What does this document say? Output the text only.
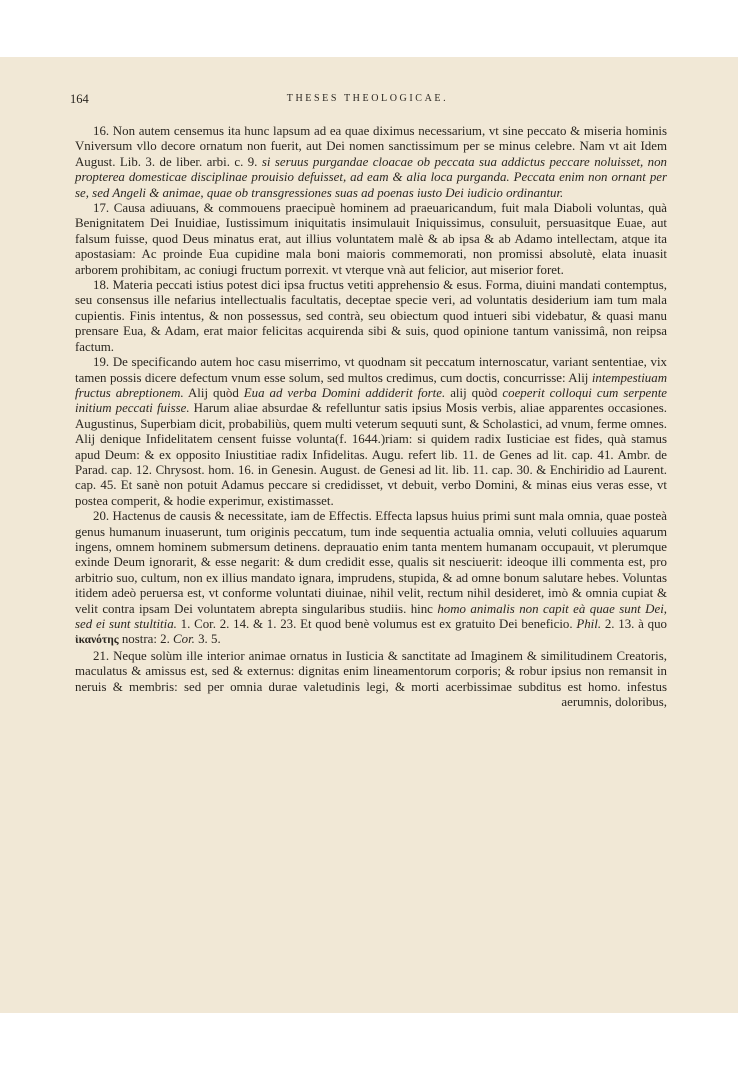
164	THESES THEOLOGICAE.

16. Non autem censemus ita hunc lapsum ad ea quae diximus necessarium, vt sine peccato & miseria hominis Vniversum vllo decore ornatum non fuerit, aut Dei nomen sanctissimum per se minus celebre. Nam vt ait Idem August. Lib. 3. de liber. arbi. c. 9. si seruus purgandae cloacae ob peccata sua addictus peccare noluisset, non propterea domesticae disciplinae prouisio defuisset, ad eam & alia loca purganda. Peccata enim non ornant per se, sed Angeli & animae, quae ob transgressiones suas ad poenas iusto Dei iudicio ordinantur.

17. Causa adiuuans, & commouens praecipuè hominem ad praeuaricandum, fuit mala Diaboli voluntas, quà Benignitatem Dei Inuidiae, Iustissimum iniquitatis insimulauit Iniquissimus, consuluit, persuasitque Euae, aut falsum fuisse, quod Deus minatus erat, aut illius voluntatem malè & ab ipsa & ab Adamo intellectam, atque ita apostasiam: Ac proinde Eua cupidine mala boni maioris commemorati, non promissi absolutè, elata inuasit arborem prohibitam, ac coniugi fructum porrexit. vt vterque vnà aut felicior, aut miserior foret.

18. Materia peccati istius potest dici ipsa fructus vetiti apprehensio & esus. Forma, diuini mandati contemptus, seu consensus ille nefarius intellectualis facultatis, deceptae specie veri, ad voluntatis desiderium iam tum mala cupientis. Finis intentus, & non possessus, sed contrà, seu obiectum quod intueri sibi videbatur, & quasi manu prensare Eua, & Adam, erat maior felicitas acquirenda sibi & suis, quod opinione tantum vanissimâ, non reipsa factum.

19. De specificando autem hoc casu miserrimo, vt quodnam sit peccatum internoscatur, variant sententiae, vix tamen possis dicere defectum vnum esse solum, sed multos credimus, cum doctis, concurrisse: Alij intempestiuam fructus abreptionem. Alij quòd Eua ad verba Domini addiderit forte. alij quòd coeperit colloqui cum serpente initium peccati fuisse. Harum aliae absurdae & refelluntur satis ipsius Mosis verbis, aliae apparentes occasiones. Augustinus, Superbiam dicit, probabiliùs, quem multi veterum sequuti sunt, & Scholastici, ad vnum, ferme omnes. Alij denique Infidelitatem censent fuisse volunta(f. 1644.)riam: si quidem radix Iusticiae est fides, quà stamus apud Deum: & ex opposito Iniustitiae radix Infidelitas. Augu. refert lib. 11. de Genes ad lit. cap. 41. Ambr. de Parad. cap. 12. Chrysost. hom. 16. in Genesin. August. de Genesi ad lit. lib. 11. cap. 30. & Enchiridio ad Laurent. cap. 45. Et sanè non potuit Adamus peccare si credidisset, vt debuit, verbo Domini, & minas eius veras esse, vt postea comperit, & hodie experimur, existimasset.

20. Hactenus de causis & necessitate, iam de Effectis. Effecta lapsus huius primi sunt mala omnia, quae posteà genus humanum inuaserunt, tum originis peccatum, tum inde sequentia actualia omnia, veluti colluuies aquarum ingens, omnem hominem submersum detinens. deprauatio enim tanta mentem humanam occupauit, vt plerumque exinde Deum ignorarit, & esse negarit: & dum credidit esse, qualis sit nesciuerit: ideoque illi commenta est, pro arbitrio suo, cultum, non ex illius mandato ignara, imprudens, stupida, & ad omne bonum salutare hebes. Voluntas itidem adeò peruersa est, vt conforme voluntati diuinae, nihil velit, rectum nihil desideret, imò & omnia cupiat & velit contra ipsam Dei voluntatem abrepta singularibus studiis. hinc homo animalis non capit eà quae sunt Dei, sed ei sunt stultitia. 1. Cor. 2. 14. & 1. 23. Et quod benè volumus est ex gratuito Dei beneficio. Phil. 2. 13. à quo ἱκανότης nostra: 2. Cor. 3. 5.

21. Neque solùm ille interior animae ornatus in Iusticia & sanctitate ad Imaginem & similitudinem Creatoris, maculatus & amissus est, sed & externus: dignitas enim lineamentorum corporis; & robur ipsius non remansit in neruis & membris: sed per omnia durae valetudinis legi, & morti acerbissimae subditus est homo. infestus aerumnis, doloribus,
